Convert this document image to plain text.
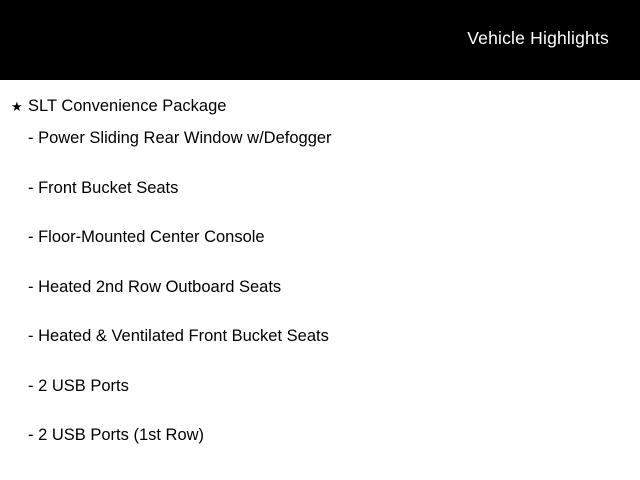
Vehicle Highlights
★ SLT Convenience Package
- Power Sliding Rear Window w/Defogger
- Front Bucket Seats
- Floor-Mounted Center Console
- Heated 2nd Row Outboard Seats
- Heated & Ventilated Front Bucket Seats
- 2 USB Ports
- 2 USB Ports (1st Row)
